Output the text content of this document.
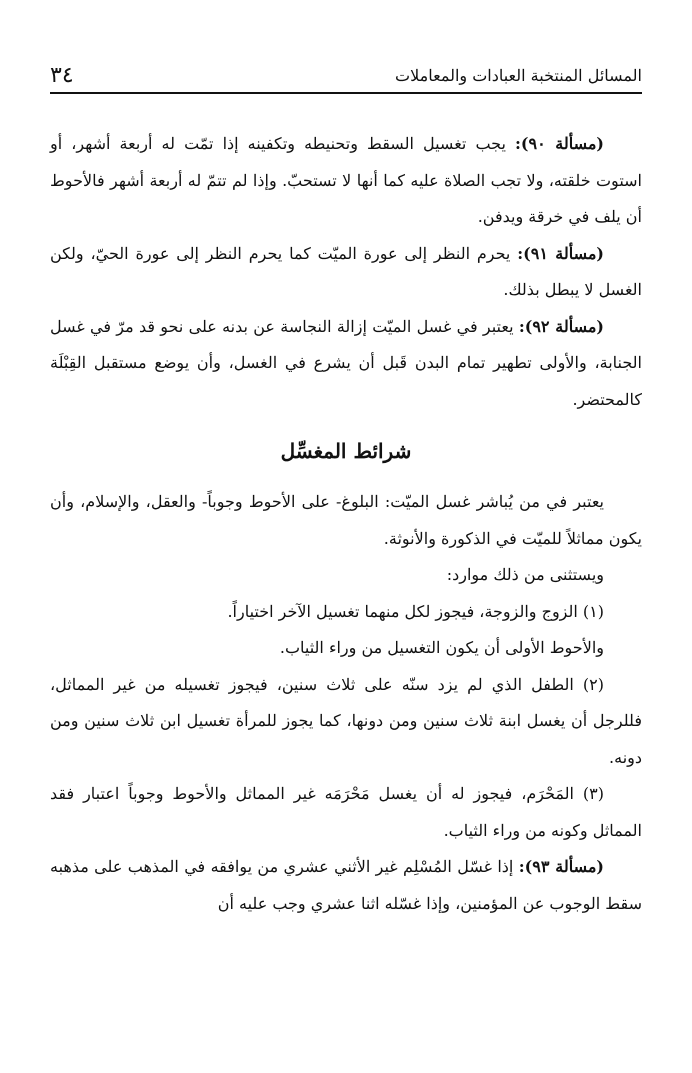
المسائل المنتخبة العبادات والمعاملات
٣٤

(مسألة ٩٠): يجب تغسيل السقط وتحنيطه وتكفينه إذا تمّت له أربعة أشهر، أو استوت خلقته، ولا تجب الصلاة عليه كما أنها لا تستحبّ. وإذا لم تتمّ له أربعة أشهر فالأحوط أن يلف في خرقة ويدفن.

(مسألة ٩١): يحرم النظر إلى عورة الميّت كما يحرم النظر إلى عورة الحيّ، ولكن الغسل لا يبطل بذلك.

(مسألة ٩٢): يعتبر في غسل الميّت إزالة النجاسة عن بدنه على نحو قد مرّ في غسل الجنابة، والأولى تطهير تمام البدن قَبل أن يشرع في الغسل، وأن يوضع مستقبل القِبْلَة كالمحتضر.

شرائط المغسِّل

يعتبر في من يُباشر غسل الميّت: البلوغ- على الأحوط وجوباً- والعقل، والإسلام، وأن يكون مماثلاً للميّت في الذكورة والأنوثة.

ويستثنى من ذلك موارد:

(١) الزوج والزوجة، فيجوز لكل منهما تغسيل الآخر اختياراً.

والأحوط الأولى أن يكون التغسيل من وراء الثياب.

(٢) الطفل الذي لم يزد سنّه على ثلاث سنين، فيجوز تغسيله من غير المماثل، فللرجل أن يغسل ابنة ثلاث سنين ومن دونها، كما يجوز للمرأة تغسيل ابن ثلاث سنين ومن دونه.

(٣) المَحْرَم، فيجوز له أن يغسل مَحْرَمَه غير المماثل والأحوط وجوباً اعتبار فقد المماثل وكونه من وراء الثياب.

(مسألة ٩٣): إذا غسّل المُسْلِم غير الأثني عشري من يوافقه في المذهب على مذهبه سقط الوجوب عن المؤمنين، وإذا غسّله اثنا عشري وجب عليه أن
